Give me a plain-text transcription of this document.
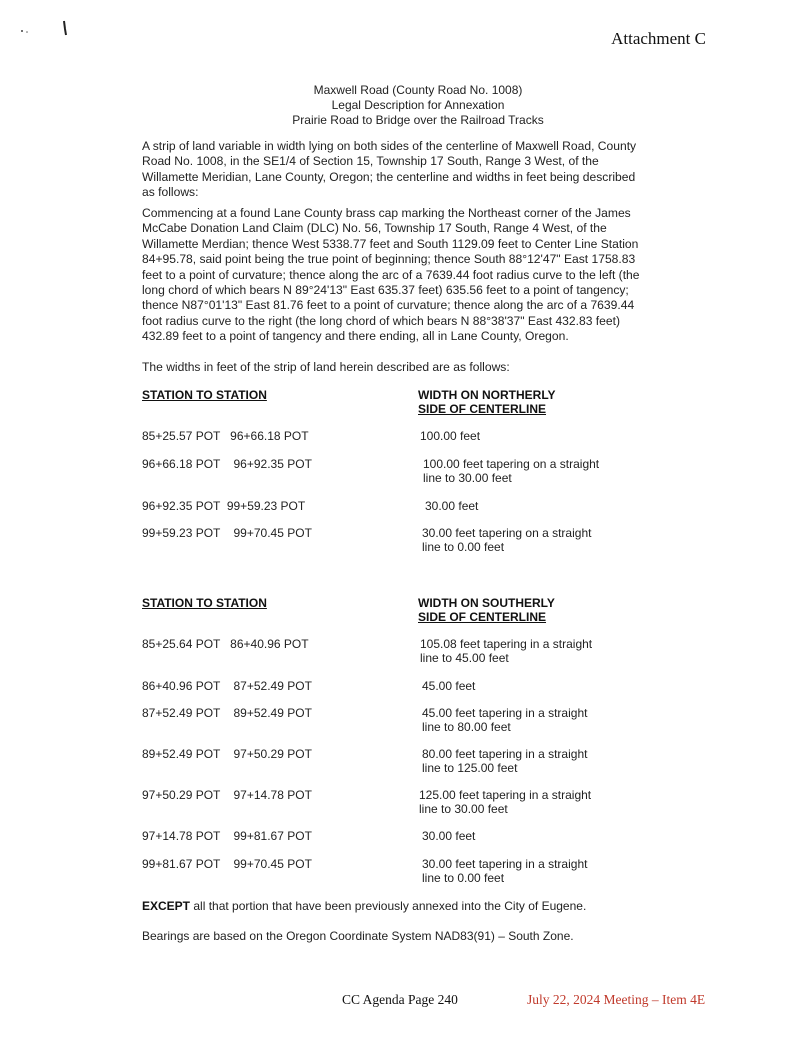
Attachment C
Maxwell Road (County Road No. 1008)
Legal Description for Annexation
Prairie Road to Bridge over the Railroad Tracks
A strip of land variable in width lying on both sides of the centerline of Maxwell Road, County Road No. 1008, in the SE1/4 of Section 15, Township 17 South, Range 3 West, of the Willamette Meridian, Lane County, Oregon; the centerline and widths in feet being described as follows:
Commencing at a found Lane County brass cap marking the Northeast corner of the James McCabe Donation Land Claim (DLC) No. 56, Township 17 South, Range 4 West, of the Willamette Merdian; thence West 5338.77 feet and South 1129.09 feet to Center Line Station 84+95.78, said point being the true point of beginning; thence South 88°12'47" East 1758.83 feet to a point of curvature; thence along the arc of a 7639.44 foot radius curve to the left (the long chord of which bears N 89°24'13" East 635.37 feet) 635.56 feet to a point of tangency; thence N87°01'13" East 81.76 feet to a point of curvature; thence along the arc of a 7639.44 foot radius curve to the right (the long chord of which bears N 88°38'37" East 432.83 feet) 432.89 feet to a point of tangency and there ending, all in Lane County, Oregon.
The widths in feet of the strip of land herein described are as follows:
STATION TO STATION	WIDTH ON NORTHERLY
SIDE OF CENTERLINE
85+25.57 POT   96+66.18 POT	100.00 feet
96+66.18 POT    96+92.35 POT	100.00 feet tapering on a straight line to 30.00 feet
96+92.35 POT  99+59.23 POT	30.00 feet
99+59.23 POT    99+70.45 POT	30.00 feet tapering on a straight line to 0.00 feet
STATION TO STATION	WIDTH ON SOUTHERLY
SIDE OF CENTERLINE
85+25.64 POT   86+40.96 POT	105.08 feet tapering in a straight line to 45.00 feet
86+40.96 POT    87+52.49 POT	45.00 feet
87+52.49 POT    89+52.49 POT	45.00 feet tapering in a straight line to 80.00 feet
89+52.49 POT    97+50.29 POT	80.00 feet tapering in a straight line to 125.00 feet
97+50.29 POT    97+14.78 POT	125.00 feet tapering in a straight line to 30.00 feet
97+14.78 POT    99+81.67 POT	30.00 feet
99+81.67 POT    99+70.45 POT	30.00 feet tapering in a straight line to 0.00 feet
EXCEPT all that portion that have been previously annexed into the City of Eugene.
Bearings are based on the Oregon Coordinate System NAD83(91) – South Zone.
CC Agenda Page 240	July 22, 2024 Meeting – Item 4E
